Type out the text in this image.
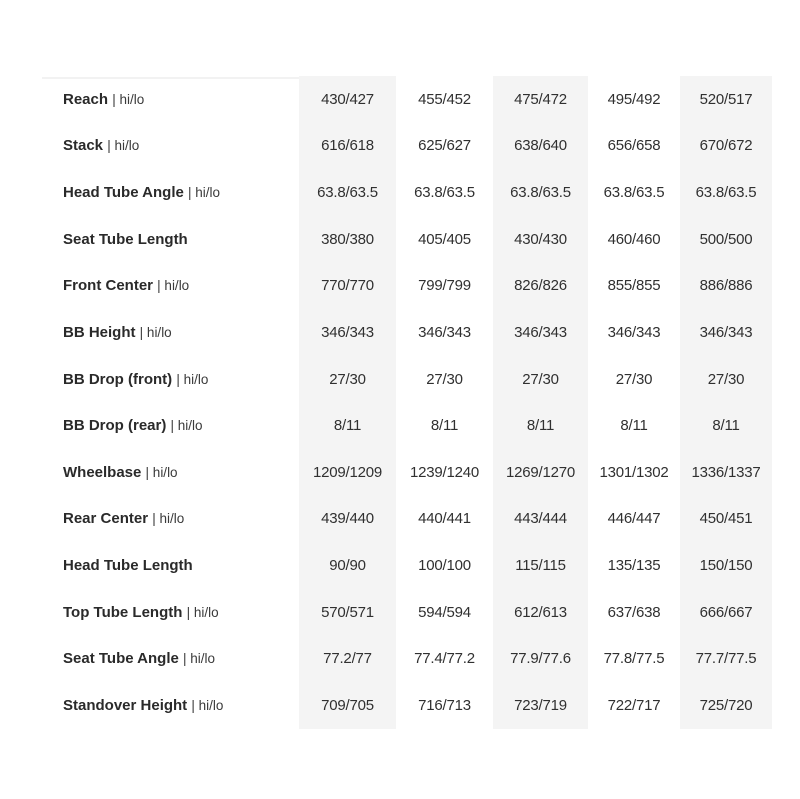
Reach | hi/lo	430/427	455/452	475/472	495/492	520/517
Stack | hi/lo	616/618	625/627	638/640	656/658	670/672
Head Tube Angle | hi/lo	63.8/63.5	63.8/63.5	63.8/63.5	63.8/63.5	63.8/63.5
Seat Tube Length	380/380	405/405	430/430	460/460	500/500
Front Center | hi/lo	770/770	799/799	826/826	855/855	886/886
BB Height | hi/lo	346/343	346/343	346/343	346/343	346/343
BB Drop (front) | hi/lo	27/30	27/30	27/30	27/30	27/30
BB Drop (rear) | hi/lo	8/11	8/11	8/11	8/11	8/11
Wheelbase | hi/lo	1209/1209	1239/1240	1269/1270	1301/1302	1336/1337
Rear Center | hi/lo	439/440	440/441	443/444	446/447	450/451
Head Tube Length	90/90	100/100	115/115	135/135	150/150
Top Tube Length | hi/lo	570/571	594/594	612/613	637/638	666/667
Seat Tube Angle | hi/lo	77.2/77	77.4/77.2	77.9/77.6	77.8/77.5	77.7/77.5
Standover Height | hi/lo	709/705	716/713	723/719	722/717	725/720
